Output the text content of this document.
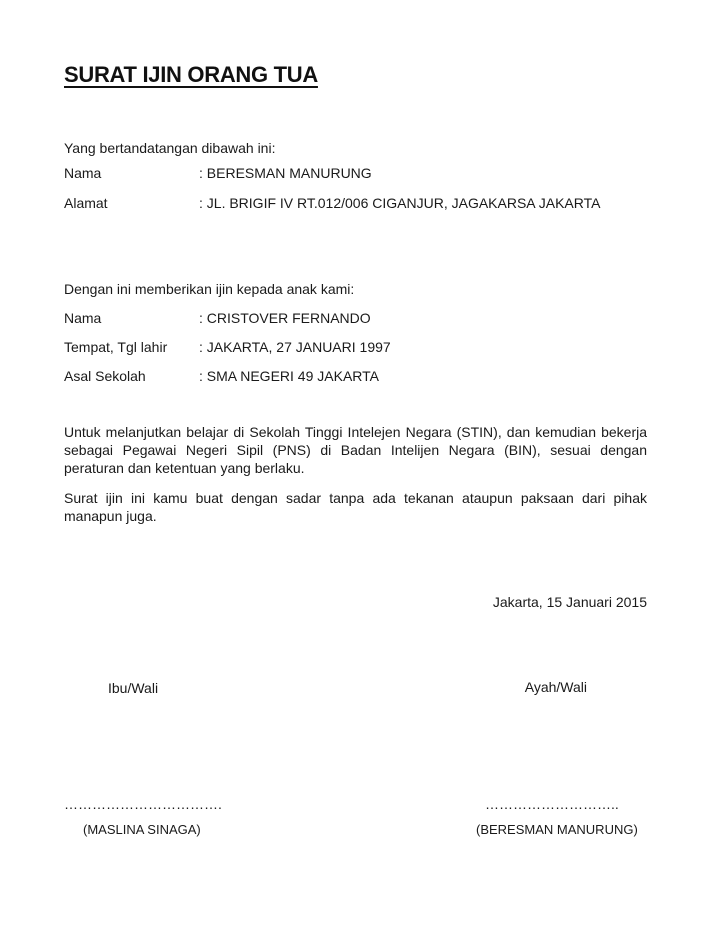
SURAT IJIN ORANG TUA
Yang bertandatangan dibawah ini:
Nama	: BERESMAN MANURUNG
Alamat	: JL. BRIGIF IV RT.012/006 CIGANJUR, JAGAKARSA JAKARTA
Dengan ini memberikan ijin kepada anak kami:
Nama	: CRISTOVER FERNANDO
Tempat, Tgl lahir : JAKARTA, 27 JANUARI 1997
Asal Sekolah	: SMA NEGERI 49 JAKARTA

Untuk melanjutkan belajar di Sekolah Tinggi Intelejen Negara (STIN), dan kemudian bekerja sebagai Pegawai Negeri Sipil (PNS) di Badan Intelijen Negara (BIN), sesuai dengan peraturan dan ketentuan yang berlaku.

Surat ijin ini kamu buat dengan sadar tanpa ada tekanan ataupun paksaan dari pihak manapun juga.

Jakarta, 15 Januari 2015
Ibu/Wali	Ayah/Wali
…………………………….	………………………..
(MASLINA SINAGA)	(BERESMAN MANURUNG)
